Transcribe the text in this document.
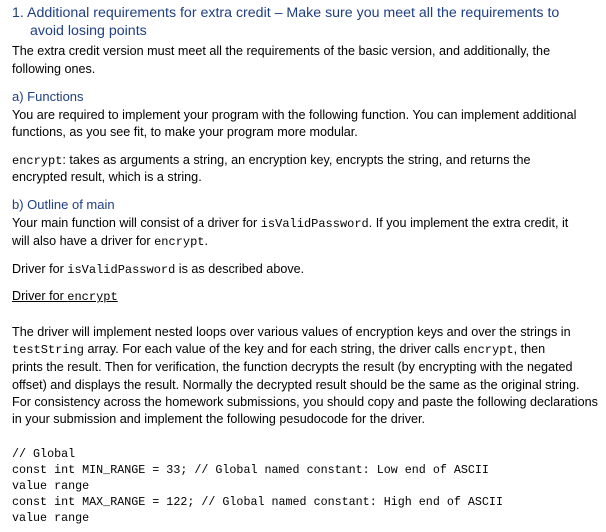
1. Additional requirements for extra credit – Make sure you meet all the requirements to
avoid losing points
The extra credit version must meet all the requirements of the basic version, and additionally, the
following ones.
a) Functions
You are required to implement your program with the following function. You can implement additional
functions, as you see fit, to make your program more modular.
encrypt: takes as arguments a string, an encryption key, encrypts the string, and returns the
encrypted result, which is a string.
b) Outline of main
Your main function will consist of a driver for isValidPassword. If you implement the extra credit, it
will also have a driver for encrypt.
Driver for isValidPassword is as described above.
Driver for encrypt
The driver will implement nested loops over various values of encryption keys and over the strings in
testString array. For each value of the key and for each string, the driver calls encrypt, then
prints the result. Then for verification, the function decrypts the result (by encrypting with the negated
offset) and displays the result. Normally the decrypted result should be the same as the original string.
For consistency across the homework submissions, you should copy and paste the following declarations
in your submission and implement the following pesudocode for the driver.
// Global
const int MIN_RANGE = 33; // Global named constant: Low end of ASCII
value range
const int MAX_RANGE = 122; // Global named constant: High end of ASCII
value range
